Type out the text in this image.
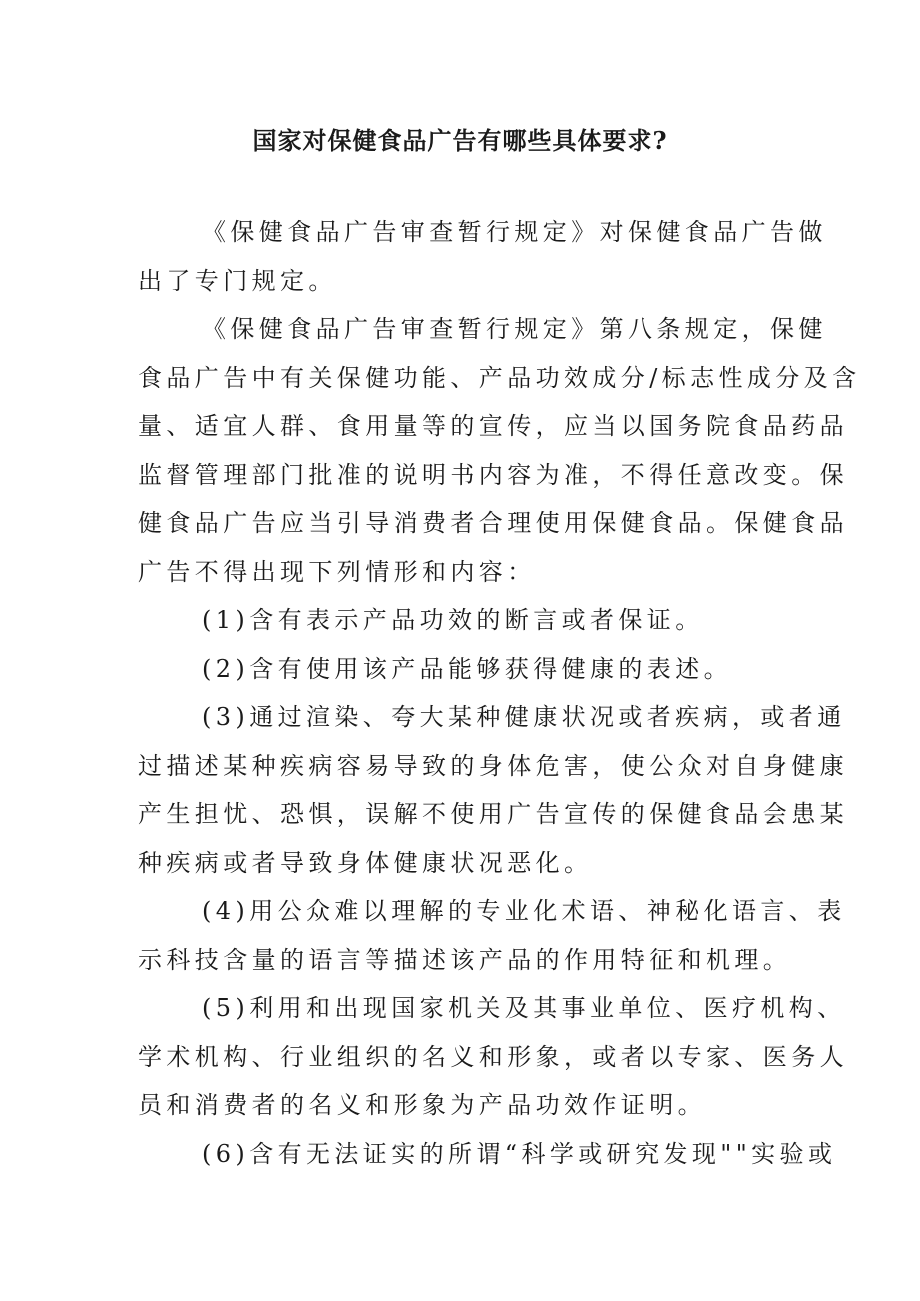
国家对保健食品广告有哪些具体要求?

《保健食品广告审查暂行规定》对保健食品广告做
出了专门规定。

《保健食品广告审查暂行规定》第八条规定，保健
食品广告中有关保健功能、产品功效成分/标志性成分及含
量、适宜人群、食用量等的宣传，应当以国务院食品药品
监督管理部门批准的说明书内容为准，不得任意改变。保
健食品广告应当引导消费者合理使用保健食品。保健食品
广告不得出现下列情形和内容：

(1)含有表示产品功效的断言或者保证。

(2)含有使用该产品能够获得健康的表述。

(3)通过渲染、夸大某种健康状况或者疾病，或者通
过描述某种疾病容易导致的身体危害，使公众对自身健康
产生担忧、恐惧，误解不使用广告宣传的保健食品会患某
种疾病或者导致身体健康状况恶化。

(4)用公众难以理解的专业化术语、神秘化语言、表
示科技含量的语言等描述该产品的作用特征和机理。

(5)利用和出现国家机关及其事业单位、医疗机构、
学术机构、行业组织的名义和形象，或者以专家、医务人
员和消费者的名义和形象为产品功效作证明。

(6)含有无法证实的所谓“科学或研究发现""实验或
